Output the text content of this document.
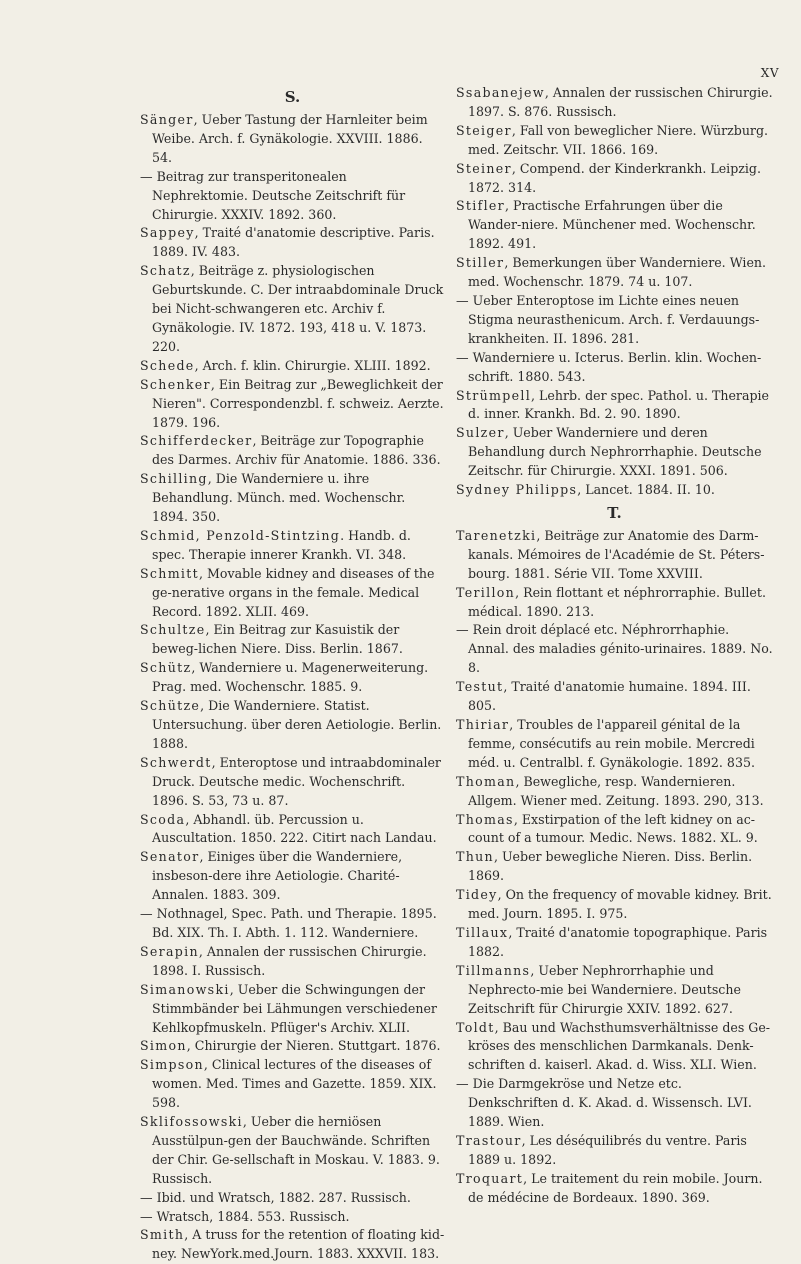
XV
S.

Sänger, Ueber Tastung der Harnleiter beim Weibe. Arch. f. Gynäkologie. XXVIII. 1886. 54.

— Beitrag zur transperitonealen Nephrektomie. Deutsche Zeitschrift für Chirurgie. XXXIV. 1892. 360.

Sappey, Traité d'anatomie descriptive. Paris. 1889. IV. 483.

Schatz, Beiträge z. physiologischen Geburtskunde. C. Der intraabdominale Druck bei Nicht-schwangeren etc. Archiv f. Gynäkologie. IV. 1872. 193, 418 u. V. 1873. 220.

Schede, Arch. f. klin. Chirurgie. XLIII. 1892.

Schenker, Ein Beitrag zur „Beweglichkeit der Nieren". Correspondenzbl. f. schweiz. Aerzte. 1879. 196.

Schifferdecker, Beiträge zur Topographie des Darmes. Archiv für Anatomie. 1886. 336.

Schilling, Die Wanderniere u. ihre Behandlung. Münch. med. Wochenschr. 1894. 350.

Schmid, Penzold-Stintzing. Handb. d. spec. Therapie innerer Krankh. VI. 348.

Schmitt, Movable kidney and diseases of the ge-nerative organs in the female. Medical Record. 1892. XLII. 469.

Schultze, Ein Beitrag zur Kasuistik der beweg-lichen Niere. Diss. Berlin. 1867.

Schütz, Wanderniere u. Magenerweiterung. Prag. med. Wochenschr. 1885. 9.

Schütze, Die Wanderniere. Statist. Untersuchung. über deren Aetiologie. Berlin. 1888.

Schwerdt, Enteroptose und intraabdominaler Druck. Deutsche medic. Wochenschrift. 1896. S. 53, 73 u. 87.

Scoda, Abhandl. üb. Percussion u. Auscultation. 1850. 222. Citirt nach Landau.

Senator, Einiges über die Wanderniere, insbeson-dere ihre Aetiologie. Charité-Annalen. 1883. 309.

— Nothnagel, Spec. Path. und Therapie. 1895. Bd. XIX. Th. I. Abth. 1. 112. Wanderniere.

Serapin, Annalen der russischen Chirurgie. 1898. I. Russisch.

Simanowski, Ueber die Schwingungen der Stimmbänder bei Lähmungen verschiedener Kehlkopfmuskeln. Pflüger's Archiv. XLII.

Simon, Chirurgie der Nieren. Stuttgart. 1876.

Simpson, Clinical lectures of the diseases of women. Med. Times and Gazette. 1859. XIX. 598.

Sklifossowski, Ueber die herniösen Ausstülpun-gen der Bauchwände. Schriften der Chir. Ge-sellschaft in Moskau. V. 1883. 9. Russisch.

— Ibid. und Wratsch, 1882. 287. Russisch.

— Wratsch, 1884. 553. Russisch.

Smith, A truss for the retention of floating kid-ney. NewYork.med.Journ. 1883. XXXVII. 183.

Ssabanejew, Annalen der russischen Chirurgie. 1897. S. 876. Russisch.

Steiger, Fall von beweglicher Niere. Würzburg. med. Zeitschr. VII. 1866. 169.

Steiner, Compend. der Kinderkrankh. Leipzig. 1872. 314.

Stifler, Practische Erfahrungen über die Wander-niere. Münchener med. Wochenschr. 1892. 491.

Stiller, Bemerkungen über Wanderniere. Wien. med. Wochenschr. 1879. 74 u. 107.

— Ueber Enteroptose im Lichte eines neuen Stigma neurasthenicum. Arch. f. Verdauungs-krankheiten. II. 1896. 281.

— Wanderniere u. Icterus. Berlin. klin. Wochen-schrift. 1880. 543.

Strümpell, Lehrb. der spec. Pathol. u. Therapie d. inner. Krankh. Bd. 2. 90. 1890.

Sulzer, Ueber Wanderniere und deren Behandlung durch Nephrorrhaphie. Deutsche Zeitschr. für Chirurgie. XXXI. 1891. 506.

Sydney Philipps, Lancet. 1884. II. 10.

T.

Tarenetzki, Beiträge zur Anatomie des Darm-kanals. Mémoires de l'Académie de St. Péters-bourg. 1881. Série VII. Tome XXVIII.

Terillon, Rein flottant et néphrorraphie. Bullet. médical. 1890. 213.

— Rein droit déplacé etc. Néphrorrhaphie. Annal. des maladies génito-urinaires. 1889. No. 8.

Testut, Traité d'anatomie humaine. 1894. III. 805.

Thiriar, Troubles de l'appareil génital de la femme, consécutifs au rein mobile. Mercredi méd. u. Centralbl. f. Gynäkologie. 1892. 835.

Thoman, Bewegliche, resp. Wandernieren. Allgem. Wiener med. Zeitung. 1893. 290, 313.

Thomas, Exstirpation of the left kidney on ac-count of a tumour. Medic. News. 1882. XL. 9.

Thun, Ueber bewegliche Nieren. Diss. Berlin. 1869.

Tidey, On the frequency of movable kidney. Brit. med. Journ. 1895. I. 975.

Tillaux, Traité d'anatomie topographique. Paris 1882.

Tillmanns, Ueber Nephrorrhaphie und Nephrecto-mie bei Wanderniere. Deutsche Zeitschrift für Chirurgie XXIV. 1892. 627.

Toldt, Bau und Wachsthumsverhältnisse des Ge-kröses des menschlichen Darmkanals. Denk-schriften d. kaiserl. Akad. d. Wiss. XLI. Wien.

— Die Darmgekröse und Netze etc. Denkschriften d. K. Akad. d. Wissensch. LVI. 1889. Wien.

Trastour, Les déséquilibrés du ventre. Paris 1889 u. 1892.

Troquart, Le traitement du rein mobile. Journ. de médécine de Bordeaux. 1890. 369.
